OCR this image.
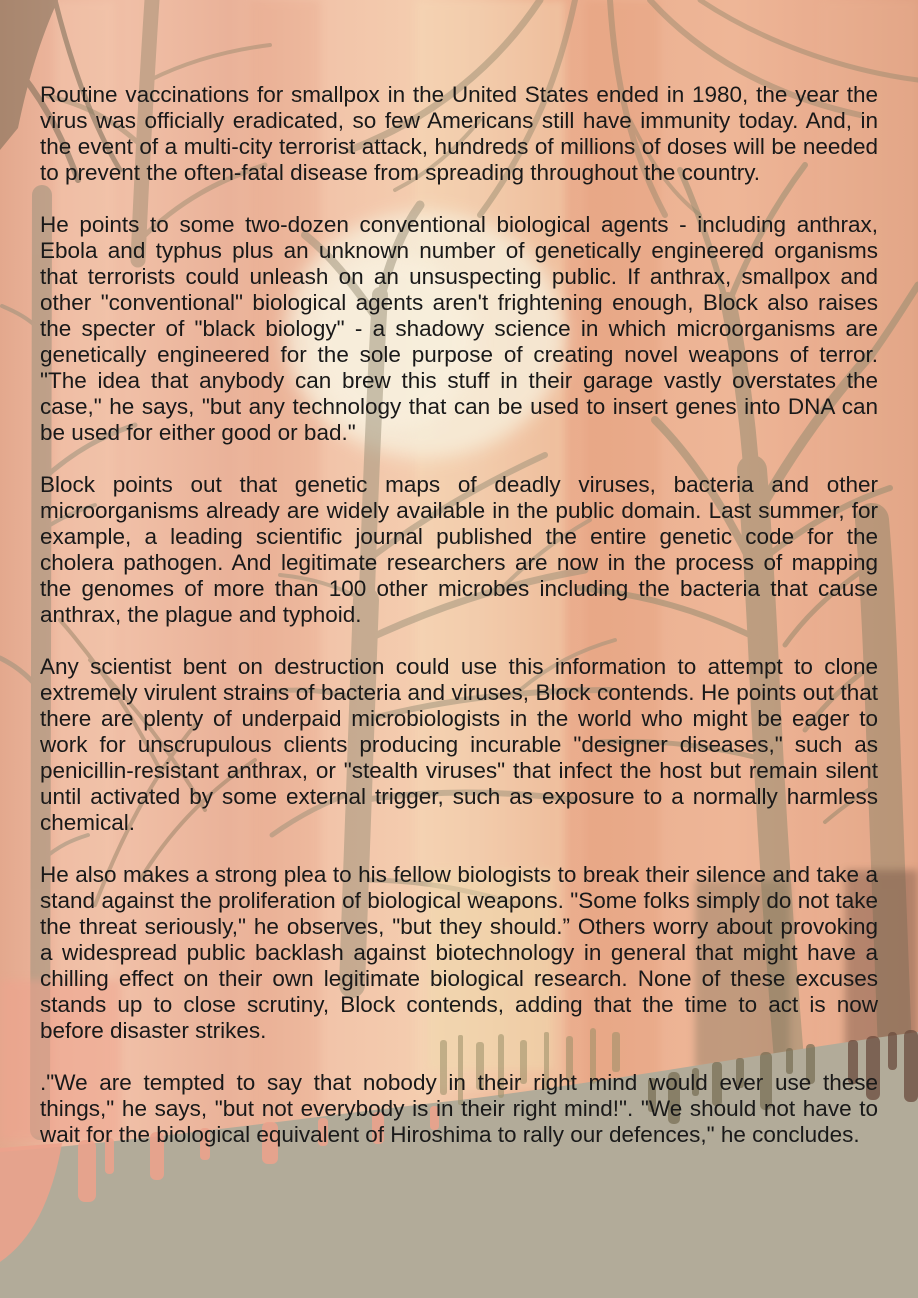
Routine vaccinations for smallpox in the United States ended in 1980, the year the virus was officially eradicated, so few Americans still have immunity today. And, in the event of a multi-city terrorist attack, hundreds of millions of doses will be needed to prevent the often-fatal disease from spreading throughout the country.

He points to some two-dozen conventional biological agents - including anthrax, Ebola and typhus plus an unknown number of genetically engineered organisms that terrorists could unleash on an unsuspecting public. If anthrax, smallpox and other "conventional" biological agents aren't frightening enough, Block also raises the specter of "black biology" - a shadowy science in which microorganisms are genetically engineered for the sole purpose of creating novel weapons of terror. "The idea that anybody can brew this stuff in their garage vastly overstates the case," he says, "but any technology that can be used to insert genes into DNA can be used for either good or bad."

Block points out that genetic maps of deadly viruses, bacteria and other microorganisms already are widely available in the public domain. Last summer, for example, a leading scientific journal published the entire genetic code for the cholera pathogen. And legitimate researchers are now in the process of mapping the genomes of more than 100 other microbes including the bacteria that cause anthrax, the plague and typhoid.

Any scientist bent on destruction could use this information to attempt to clone extremely virulent strains of bacteria and viruses, Block contends. He points out that there are plenty of underpaid microbiologists in the world who might be eager to work for unscrupulous clients producing incurable "designer diseases," such as penicillin-resistant anthrax, or "stealth viruses" that infect the host but remain silent until activated by some external trigger, such as exposure to a normally harmless chemical.

He also makes a strong plea to his fellow biologists to break their silence and take a stand against the proliferation of biological weapons. "Some folks simply do not take the threat seriously," he observes, "but they should.” Others worry about provoking a widespread public backlash against biotechnology in general that might have a chilling effect on their own legitimate biological research. None of these excuses stands up to close scrutiny, Block contends, adding that the time to act is now before disaster strikes.

."We are tempted to say that nobody in their right mind would ever use these things," he says, "but not everybody is in their right mind!". "We should not have to wait for the biological equivalent of Hiroshima to rally our defences," he concludes.
